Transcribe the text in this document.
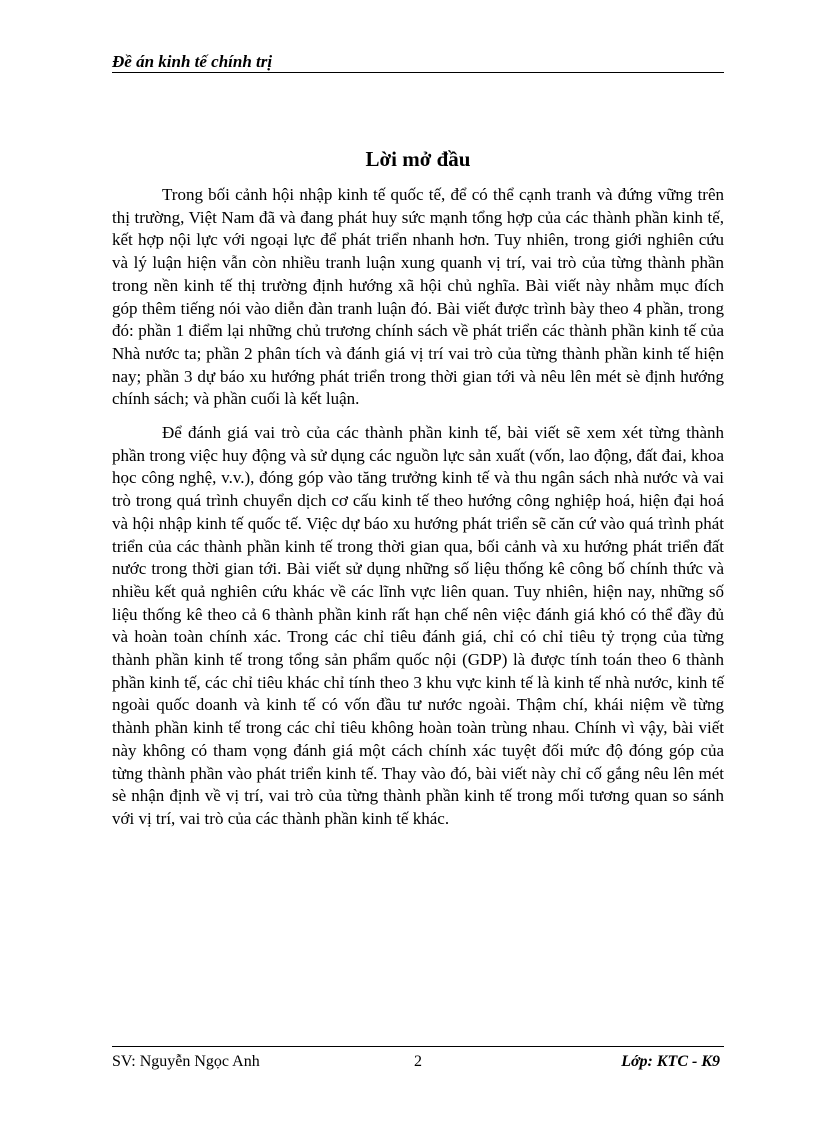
Đề án kinh tế chính trị
Lời mở đầu

Trong bối cảnh hội nhập kinh tế quốc tế, để có thể cạnh tranh và đứng vững trên thị trường, Việt Nam đã và đang phát huy sức mạnh tổng hợp của các thành phần kinh tế, kết hợp nội lực với ngoại lực để phát triển nhanh hơn. Tuy nhiên, trong giới nghiên cứu và lý luận hiện vẫn còn nhiều tranh luận xung quanh vị trí, vai trò của từng thành phần trong nền kinh tế thị trường định hướng xã hội chủ nghĩa. Bài viết này nhằm mục đích góp thêm tiếng nói vào diễn đàn tranh luận đó. Bài viết được trình bày theo 4 phần, trong đó: phần 1 điểm lại những chủ trương chính sách về phát triển các thành phần kinh tế của Nhà nước ta; phần 2 phân tích và đánh giá vị trí vai trò của từng thành phần kinh tế hiện nay; phần 3 dự báo xu hướng phát triển trong thời gian tới và nêu lên mét sè định hướng chính sách; và phần cuối là kết luận.

Để đánh giá vai trò của các thành phần kinh tế, bài viết sẽ xem xét từng thành phần trong việc huy động và sử dụng các nguồn lực sản xuất (vốn, lao động, đất đai, khoa học công nghệ, v.v.), đóng góp vào tăng trưởng kinh tế và thu ngân sách nhà nước và vai trò trong quá trình chuyển dịch cơ cấu kinh tế theo hướng công nghiệp hoá, hiện đại hoá và hội nhập kinh tế quốc tế. Việc dự báo xu hướng phát triển sẽ căn cứ vào quá trình phát triển của các thành phần kinh tế trong thời gian qua, bối cảnh và xu hướng phát triển đất nước trong thời gian tới. Bài viết sử dụng những số liệu thống kê công bố chính thức và nhiều kết quả nghiên cứu khác về các lĩnh vực liên quan. Tuy nhiên, hiện nay, những số liệu thống kê theo cả 6 thành phần kinh rất hạn chế nên việc đánh giá khó có thể đầy đủ và hoàn toàn chính xác. Trong các chỉ tiêu đánh giá, chỉ có chỉ tiêu tỷ trọng của từng thành phần kinh tế trong tổng sản phẩm quốc nội (GDP) là được tính toán theo 6 thành phần kinh tế, các chỉ tiêu khác chỉ tính theo 3 khu vực kinh tế là kinh tế nhà nước, kinh tế ngoài quốc doanh và kinh tế có vốn đầu tư nước ngoài. Thậm chí, khái niệm về từng thành phần kinh tế trong các chỉ tiêu không hoàn toàn trùng nhau. Chính vì vậy, bài viết này không có tham vọng đánh giá một cách chính xác tuyệt đối mức độ đóng góp của từng thành phần vào phát triển kinh tế. Thay vào đó, bài viết này chỉ cố gắng nêu lên mét sè nhận định về vị trí, vai trò của từng thành phần kinh tế trong mối tương quan so sánh với vị trí, vai trò của các thành phần kinh tế khác.

SV: Nguyễn Ngọc Anh	2	Lớp: KTC - K9
